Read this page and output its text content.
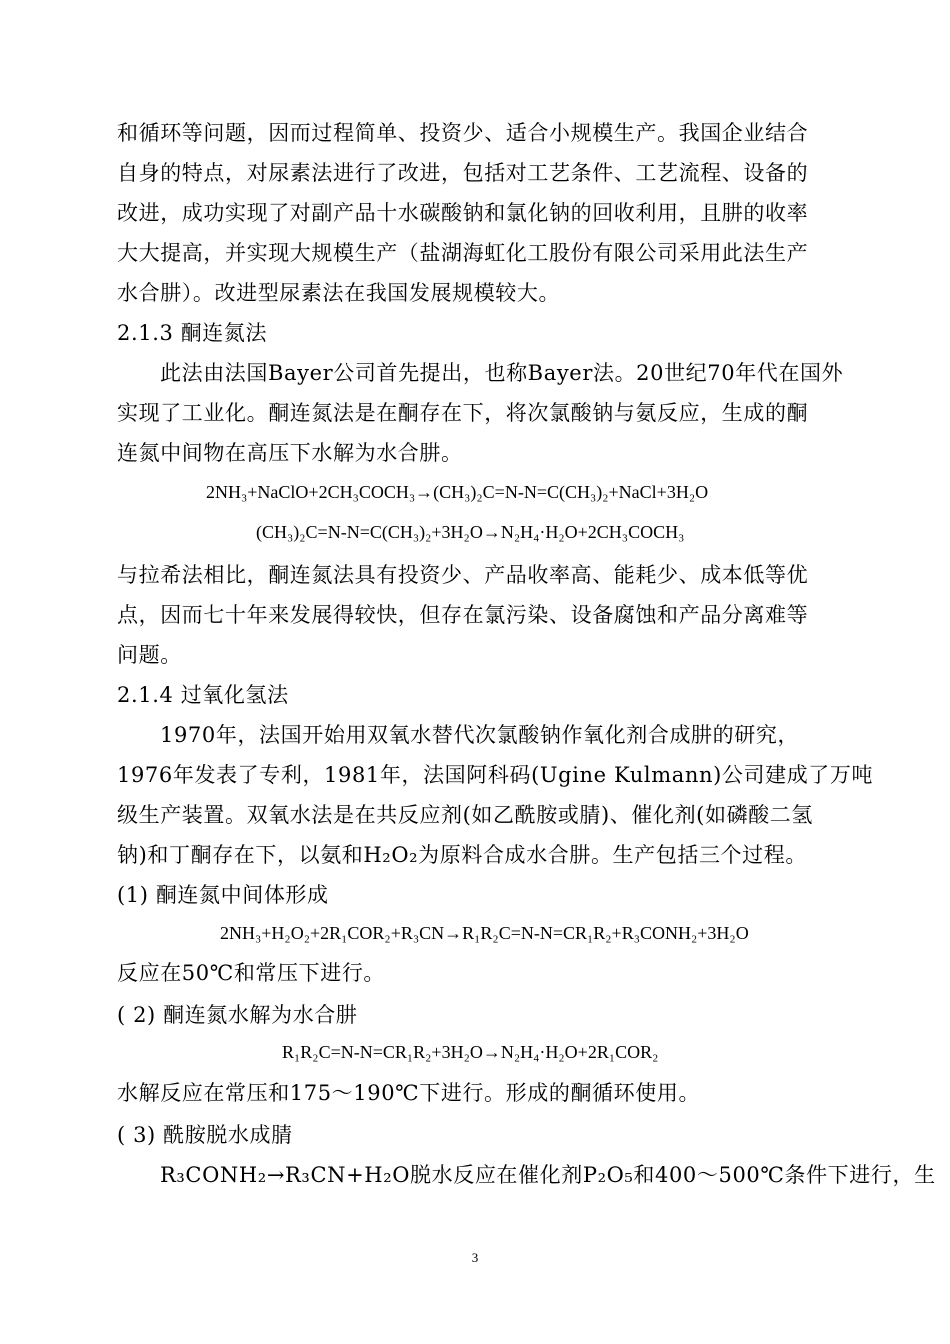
和循环等问题，因而过程简单、投资少、适合小规模生产。我国企业结合
自身的特点，对尿素法进行了改进，包括对工艺条件、工艺流程、设备的
改进，成功实现了对副产品十水碳酸钠和氯化钠的回收利用，且肼的收率
大大提高，并实现大规模生产（盐湖海虹化工股份有限公司采用此法生产
水合肼）。改进型尿素法在我国发展规模较大。
2.1.3 酮连氮法
此法由法国Bayer公司首先提出，也称Bayer法。20世纪70年代在国外
实现了工业化。酮连氮法是在酮存在下，将次氯酸钠与氨反应，生成的酮
连氮中间物在高压下水解为水合肼。
2NH₃+NaClO+2CH₃COCH₃→(CH₃)₂C=N-N=C(CH₃)₂+NaCl+3H₂O
(CH₃)₂C=N-N=C(CH₃)₂+3H₂O→N₂H₄·H₂O+2CH₃COCH₃
与拉希法相比，酮连氮法具有投资少、产品收率高、能耗少、成本低等优
点，因而七十年来发展得较快，但存在氯污染、设备腐蚀和产品分离难等
问题。
2.1.4 过氧化氢法
1970年，法国开始用双氧水替代次氯酸钠作氧化剂合成肼的研究，
1976年发表了专利，1981年，法国阿科码(Ugine Kulmann)公司建成了万吨
级生产装置。双氧水法是在共反应剂(如乙酰胺或腈)、催化剂(如磷酸二氢
钠)和丁酮存在下，以氨和H₂O₂为原料合成水合肼。生产包括三个过程。
(1) 酮连氮中间体形成
2NH₃+H₂O₂+2R₁COR₂+R₃CN→R₁R₂C=N-N=CR₁R₂+R₃CONH₂+3H₂O
反应在50℃和常压下进行。
( 2) 酮连氮水解为水合肼
R₁R₂C=N-N=CR₁R₂+3H₂O→N₂H₄·H₂O+2R₁COR₂
水解反应在常压和175～190℃下进行。形成的酮循环使用。
( 3) 酰胺脱水成腈
R₃CONH₂→R₃CN+H₂O脱水反应在催化剂P₂O₅和400～500℃条件下进行，生
3
